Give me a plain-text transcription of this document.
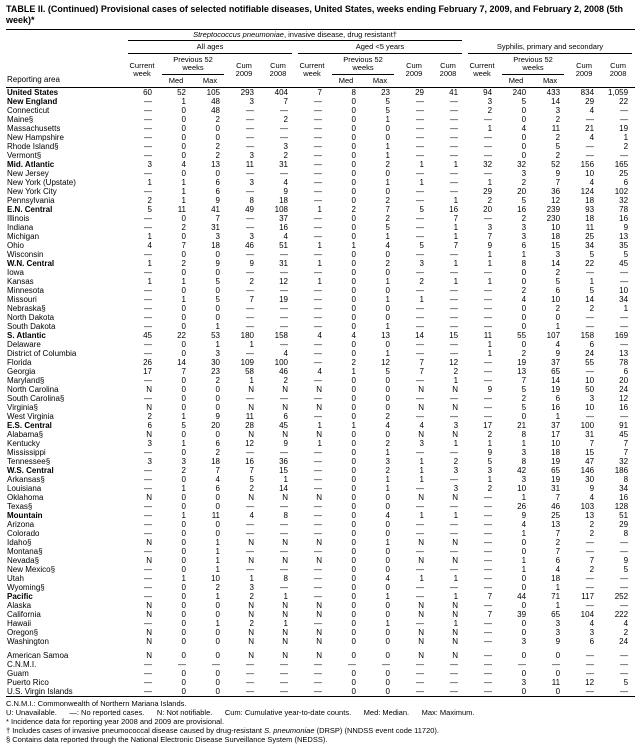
TABLE II. (Continued) Provisional cases of selected notifiable diseases, United States, weeks ending February 7, 2009, and February 2, 2008 (5th week)*
Reporting area	Streptococcus pneumoniae, invasive disease, drug resistant†										Syphilis, primary and secondary				

	All ages					Aged <5 years									

	Current week	Previous 52 weeks		Cum 2009	Cum 2008	Current week	Previous 52 weeks		Cum 2009	Cum 2008	Current week	Previous 52 weeks		Cum 2009	Cum 2008
		Med	Max				Med	Max				Med	Max		
United States	60	52	105	293	404	7	8	23	29	41	94	240	433	834	1,059
New England	—	1	48	3	7	—	0	5	—	—	3	5	14	29	22
Connecticut	—	0	48	—	—	—	0	5	—	—	2	0	3	4	—
Maine§	—	0	2	—	2	—	0	1	—	—	—	0	2	—	—
Massachusetts	—	0	0	—	—	—	0	0	—	—	1	4	11	21	19
New Hampshire	—	0	0	—	—	—	0	0	—	—	—	0	2	4	1
Rhode Island§	—	0	2	—	3	—	0	1	—	—	—	0	5	—	2
Vermont§	—	0	2	3	2	—	0	1	—	—	—	0	2	—	—
Mid. Atlantic	3	4	13	11	31	—	0	2	1	1	32	32	52	156	165
New Jersey	—	0	0	—	—	—	0	0	—	—	—	3	9	10	25
New York (Upstate)	1	1	6	3	4	—	0	1	1	—	1	2	7	4	6
New York City	—	1	6	—	9	—	0	0	—	—	29	20	36	124	102
Pennsylvania	2	1	9	8	18	—	0	2	—	1	2	5	12	18	32
E.N. Central	5	11	41	49	108	1	2	7	5	16	20	16	239	93	78
Illinois	—	0	7	—	37	—	0	2	—	7	—	2	230	18	16
Indiana	—	2	31	—	16	—	0	5	—	1	3	3	10	11	9
Michigan	1	0	3	3	4	—	0	1	—	1	7	3	18	25	13
Ohio	4	7	18	46	51	1	1	4	5	7	9	6	15	34	35
Wisconsin	—	0	0	—	—	—	0	0	—	—	1	1	3	5	5
W.N. Central	1	2	9	9	31	1	0	2	3	1	1	8	14	22	45
Iowa	—	0	0	—	—	—	0	0	—	—	—	0	2	—	—
Kansas	1	1	5	2	12	1	0	1	2	1	1	0	5	1	—
Minnesota	—	0	0	—	—	—	0	0	—	—	—	2	6	5	10
Missouri	—	1	5	7	19	—	0	1	1	—	—	4	10	14	34
Nebraska§	—	0	0	—	—	—	0	0	—	—	—	0	2	2	1
North Dakota	—	0	0	—	—	—	0	0	—	—	—	0	0	—	—
South Dakota	—	0	1	—	—	—	0	1	—	—	—	0	1	—	—
S. Atlantic	45	22	53	180	158	4	4	13	14	15	11	55	107	158	169
Delaware	—	0	1	1	—	—	0	0	—	—	1	0	4	6	—
District of Columbia	—	0	3	—	4	—	0	1	—	—	1	2	9	24	13
Florida	26	14	30	109	100	—	2	12	7	12	—	19	37	55	78
Georgia	17	7	23	58	46	4	1	5	7	2	—	13	65	—	6
Maryland§	—	0	2	1	2	—	0	0	—	1	—	7	14	10	20
North Carolina	N	0	0	N	N	N	0	0	N	N	9	5	19	50	24
South Carolina§	—	0	0	—	—	—	0	0	—	—	—	2	6	3	12
Virginia§	N	0	0	N	N	N	0	0	N	N	—	5	16	10	16
West Virginia	2	1	9	11	6	—	0	2	—	—	—	0	1	—	—
E.S. Central	6	5	20	28	45	1	1	4	4	3	17	21	37	100	91
Alabama§	N	0	0	N	N	N	0	0	N	N	2	8	17	31	45
Kentucky	3	1	6	12	9	1	0	2	3	1	1	1	10	7	7
Mississippi	—	0	2	—	—	—	0	1	—	—	9	3	18	15	7
Tennessee§	3	3	18	16	36	—	0	3	1	2	5	8	19	47	32
W.S. Central	—	2	7	7	15	—	0	2	1	3	3	42	65	146	186
Arkansas§	—	0	4	5	1	—	0	1	1	—	1	3	19	30	8
Louisiana	—	1	6	2	14	—	0	1	—	3	2	10	31	9	34
Oklahoma	N	0	0	N	N	N	0	0	N	N	—	1	7	4	16
Texas§	—	0	0	—	—	—	0	0	—	—	—	26	46	103	128
Mountain	—	1	11	4	8	—	0	4	1	1	—	9	25	13	51
Arizona	—	0	0	—	—	—	0	0	—	—	—	4	13	2	29
Colorado	—	0	0	—	—	—	0	0	—	—	—	1	7	2	8
Idaho§	N	0	1	N	N	N	0	1	N	N	—	0	2	—	—
Montana§	—	0	1	—	—	—	0	0	—	—	—	0	7	—	—
Nevada§	N	0	1	N	N	N	0	0	N	N	—	1	6	7	9
New Mexico§	—	0	1	—	—	—	0	0	—	—	—	1	4	2	5
Utah	—	1	10	1	8	—	0	4	1	1	—	0	18	—	—
Wyoming§	—	0	2	3	—	—	0	0	—	—	—	0	1	—	—
Pacific	—	0	1	2	1	—	0	1	—	1	7	44	71	117	252
Alaska	N	0	0	N	N	N	0	0	N	N	—	0	1	—	—
California	N	0	0	N	N	N	0	0	N	N	7	39	65	104	222
Hawaii	—	0	1	2	1	—	0	1	—	1	—	0	3	4	4
Oregon§	N	0	0	N	N	N	0	0	N	N	—	0	3	3	2
Washington	N	0	0	N	N	N	0	0	N	N	—	3	9	6	24
American Samoa	N	0	0	N	N	N	0	0	N	N	—	0	0	—	—
C.N.M.I.	—	—	—	—	—	—	—	—	—	—	—	—	—	—	—
Guam	—	0	0	—	—	—	0	0	—	—	—	0	0	—	—
Puerto Rico	—	0	0	—	—	—	0	0	—	—	—	3	11	12	5
U.S. Virgin Islands	—	0	0	—	—	—	0	0	—	—	—	0	0	—	—
C.N.M.I.: Commonwealth of Northern Mariana Islands.
U: Unavailable.      —: No reported cases.      N: Not notifiable.      Cum: Cumulative year-to-date counts.      Med: Median.      Max: Maximum.
* Incidence data for reporting year 2008 and 2009 are provisional.
† Includes cases of invasive pneumococcal disease caused by drug-resistant S. pneumoniae (DRSP) (NNDSS event code 11720).
§ Contains data reported through the National Electronic Disease Surveillance System (NEDSS).
